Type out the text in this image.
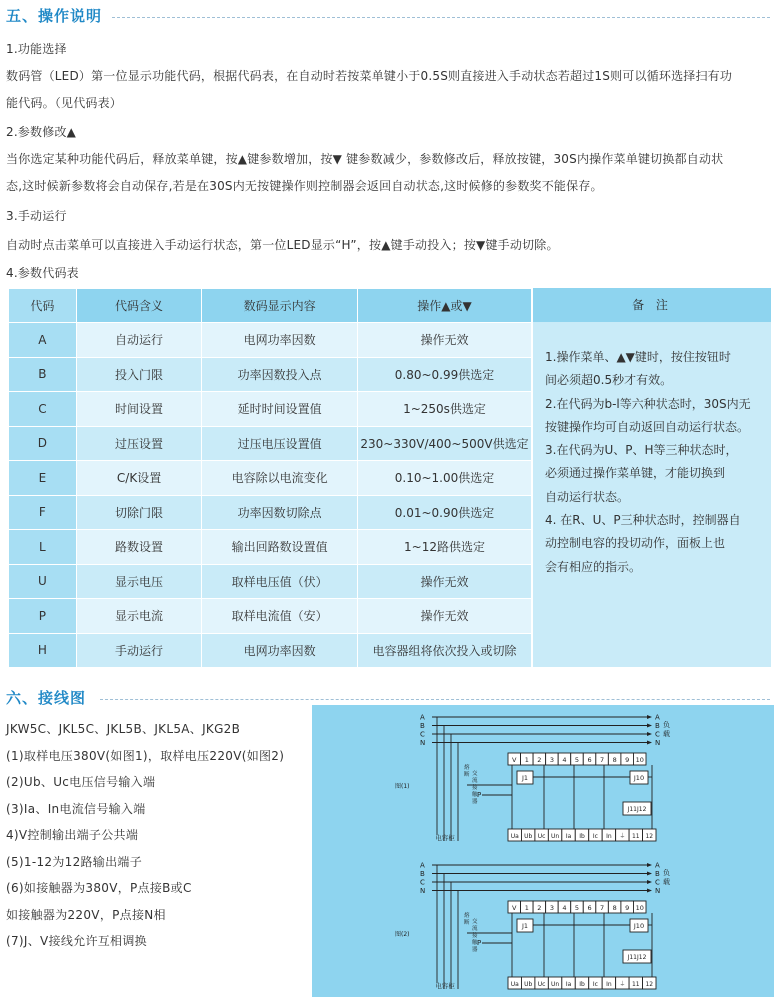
五、操作说明
1.功能选择
数码管（LED）第一位显示功能代码，根据代码表，在自动时若按菜单键小于0.5S则直接进入手动状态若超过1S则可以循环选择扫有功
能代码。（见代码表）
2.参数修改▲
当你选定某种功能代码后，释放菜单键，按▲键参数增加，按▼ 键参数减少，参数修改后，释放按键，30S内操作菜单键切换都自动状
态,这时候新参数将会自动保存,若是在30S内无按键操作则控制器会返回自动状态,这时候修的参数奖不能保存。
3.手动运行
自动时点击菜单可以直接进入手动运行状态，第一位LED显示“H”，按▲键手动投入；按▼键手动切除。
4.参数代码表
代码	代码含义	数码显示内容	操作▲或▼
A	自动运行	电网功率因数	操作无效
B	投入门限	功率因数投入点	0.80~0.99供选定
C	时间设置	延时时间设置值	1~250s供选定
D	过压设置	过压电压设置值	230~330V/400~500V供选定
E	C/K设置	电容除以电流变化	0.10~1.00供选定
F	切除门限	功率因数切除点	0.01~0.90供选定
L	路数设置	输出回路数设置值	1~12路供选定
U	显示电压	取样电压值（伏）	操作无效
P	显示电流	取样电流值（安）	操作无效
H	手动运行	电网功率因数	电容器组将依次投入或切除
备 注
1.操作菜单、▲▼键时，按住按钮时
间必须超0.5秒才有效。
2.在代码为b-l等六种状态时，30S内无
按键操作均可自动返回自动运行状态。
3.在代码为U、P、H等三种状态时，
必须通过操作菜单键，才能切换到
自动运行状态。
4. 在R、U、P三种状态时，控制器自
动控制电容的投切动作，面板上也
会有相应的指示。
六、接线图
JKW5C、JKL5C、JKL5B、JKL5A、JKG2B
(1)取样电压380V(如图1)，取样电压220V(如图2)
(2)Ub、Uc电压信号输入端
(3)Ia、In电流信号输入端
4)V控制输出端子公共端
(5)1-12为12路输出端子
(6)如接触器为380V，P点接B或C
如接触器为220V，P点接N相
(7)J、V接线允许互相调换
A	A
B	B
C	C
N	N
负
载
图(1)
电容柜
交
流
接
触
器
熔
断
P
V 1 2 3 4 5 6 7 8 9 10
J1	J10
J11J12
Ua Ub Uc Un Ia Ib Ic In ⏚ 11 12
A	A
B	B
C	C
N	N
负
载
图(2)
电容柜
交
流
接
触
器
熔
断
P
V 1 2 3 4 5 6 7 8 9 10
J1	J10
J11J12
Ua Ub Uc Un Ia Ib Ic In ⏚ 11 12
